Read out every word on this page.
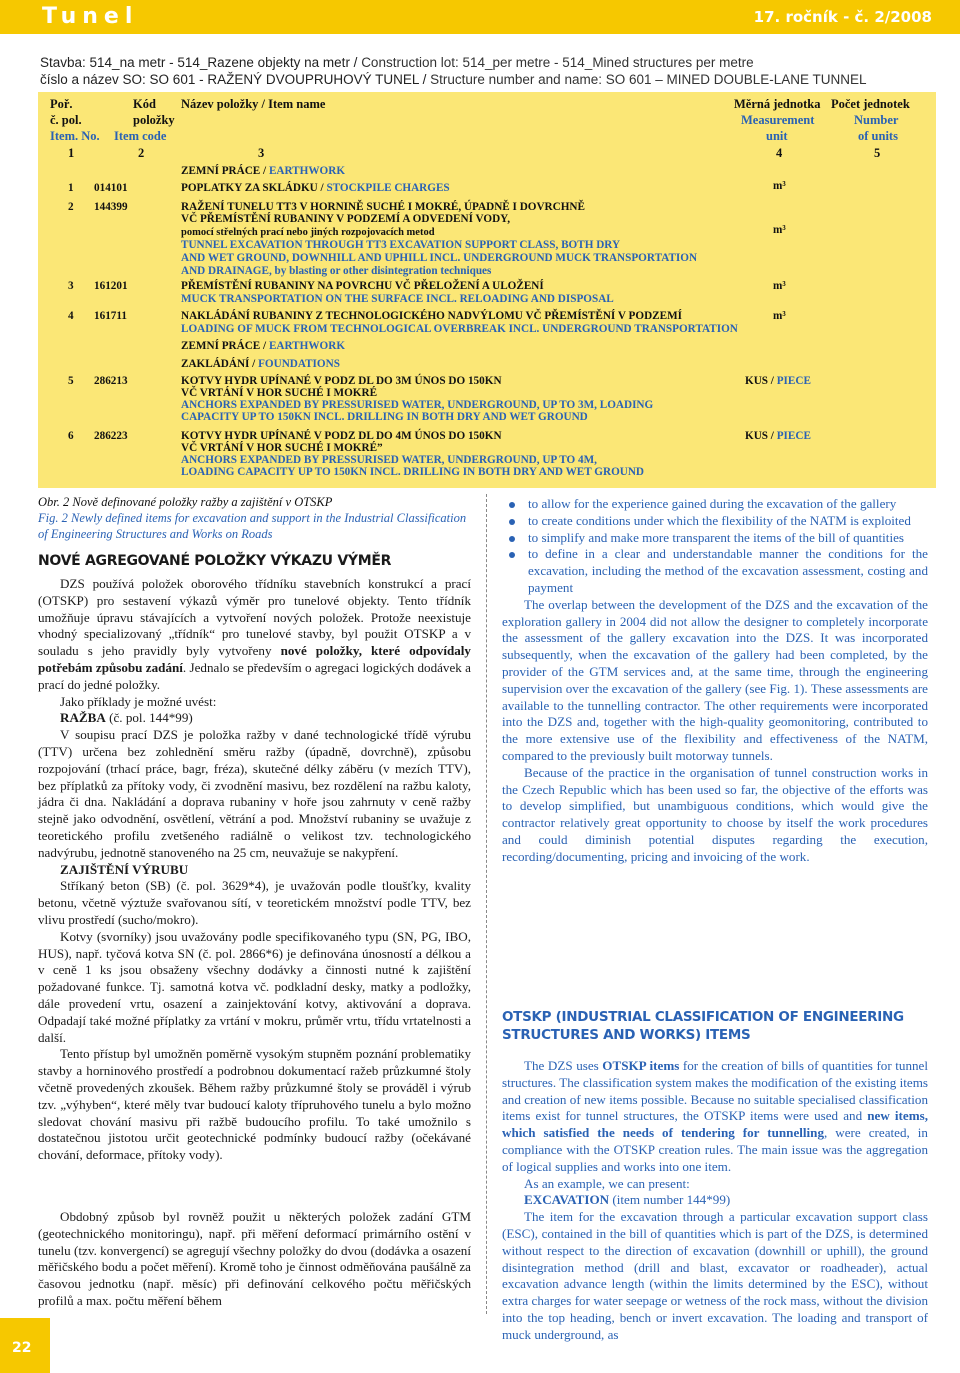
Tunel	17. ročník - č. 2/2008
Stavba: 514_na metr - 514_Razene objekty na metr / Construction lot: 514_per metre - 514_Mined structures per metre
číslo a název SO: SO 601 - RAŽENÝ DVOUPRUHOVÝ TUNEL / Structure number and name: SO 601 – MINED DOUBLE-LANE TUNNEL
Poř.
č. pol.
Item. No.
Kód
položky
Item code
Název položky / Item name	Měrná jednotka
Measurement
unit
Počet jednotek
Number
of units
1	2	3	4	5
ZEMNÍ PRÁCE / EARTHWORK
1 014101	POPLATKY ZA SKLÁDKU / STOCKPILE CHARGES	m³
2 144399	RAŽENÍ TUNELU TT3 V HORNINĚ SUCHÉ I MOKRÉ, ÚPADNĚ I DOVRCHNĚ
VČ PŘEMÍSTĚNÍ RUBANINY V PODZEMÍ A ODVEDENÍ VODY,
pomocí střelných prací nebo jiných rozpojovacích metod	m³
TUNNEL EXCAVATION THROUGH TT3 EXCAVATION SUPPORT CLASS, BOTH DRY
AND WET GROUND, DOWNHILL AND UPHILL INCL. UNDERGROUND MUCK TRANSPORTATION
AND DRAINAGE, by blasting or other disintegration techniques
3 161201	PŘEMÍSTĚNÍ RUBANINY NA POVRCHU VČ PŘELOŽENÍ A ULOŽENÍ	m³
MUCK TRANSPORTATION ON THE SURFACE INCL. RELOADING AND DISPOSAL
4 161711	NAKLÁDÁNÍ RUBANINY Z TECHNOLOGICKÉHO NADVÝLOMU VČ PŘEMÍSTĚNÍ V PODZEMÍ	m³
LOADING OF MUCK FROM TECHNOLOGICAL OVERBREAK INCL. UNDERGROUND TRANSPORTATION
ZEMNÍ PRÁCE / EARTHWORK
ZAKLÁDÁNÍ / FOUNDATIONS
5 286213	KOTVY HYDR UPÍNANÉ V PODZ DL DO 3M ÚNOS DO 150KN	KUS / PIECE
VČ VRTÁNÍ V HOR SUCHÉ I MOKRÉ
ANCHORS EXPANDED BY PRESSURISED WATER, UNDERGROUND, UP TO 3M, LOADING
CAPACITY UP TO 150KN INCL. DRILLING IN BOTH DRY AND WET GROUND
6 286223	KOTVY HYDR UPÍNANÉ V PODZ DL DO 4M ÚNOS DO 150KN	KUS / PIECE
VČ VRTÁNÍ V HOR SUCHÉ I MOKRÉ”
ANCHORS EXPANDED BY PRESSURISED WATER, UNDERGROUND, UP TO 4M,
LOADING CAPACITY UP TO 150KN INCL. DRILLING IN BOTH DRY AND WET GROUND
Obr. 2 Nově definované položky ražby a zajištění v OTSKP
Fig. 2 Newly defined items for excavation and support in the Industrial Classification of Engineering Structures and Works on Roads
NOVÉ AGREGOVANÉ POLOŽKY VÝKAZU VÝMĚR

DZS používá položek oborového třídníku stavebních konstrukcí a prací (OTSKP) pro sestavení výkazů výměr pro tunelové objekty. Tento třídník umožňuje úpravu stávajících a vytvoření nových položek. Protože neexistuje vhodný specializovaný „třídník“ pro tunelové stavby, byl použit OTSKP a v souladu s jeho pravidly byly vytvořeny nové položky, které odpovídaly potřebám způsobu zadání. Jednalo se především o agregaci logických dodávek a prací do jedné položky.

Jako příklady je možné uvést:

RAŽBA (č. pol. 144*99)

V soupisu prací DZS je položka ražby v dané technologické třídě výrubu (TTV) určena bez zohlednění směru ražby (úpadně, dovrchně), způsobu rozpojování (trhací práce, bagr, fréza), skutečné délky záběru (v mezích TTV), bez příplatků za přítoky vody, či zvodnění masivu, bez rozdělení na ražbu kaloty, jádra či dna. Nakládání a doprava rubaniny v hoře jsou zahrnuty v ceně ražby stejně jako odvodnění, osvětlení, větrání a pod. Množství rubaniny se uvažuje z teoretického profilu zvetšeného radiálně o velikost tzv. technologického nadvýrubu, jednotně stanoveného na 25 cm, neuvažuje se nakypření.

ZAJIŠTĚNÍ VÝRUBU

Stříkaný beton (SB) (č. pol. 3629*4), je uvažován podle tloušťky, kvality betonu, včetně výztuže svařovanou sítí, v teoretickém množství podle TTV, bez vlivu prostředí (sucho/mokro).

Kotvy (svorníky) jsou uvažovány podle specifikovaného typu (SN, PG, IBO, HUS), např. tyčová kotva SN (č. pol. 2866*6) je definována únosností a délkou a v ceně 1 ks jsou obsaženy všechny dodávky a činnosti nutné k zajištění požadované funkce. Tj. samotná kotva vč. podkladní desky, matky a podložky, dále provedení vrtu, osazení a zainjektování kotvy, aktivování a doprava. Odpadají také možné příplatky za vrtání v mokru, průměr vrtu, třídu vrtatelnosti a další.

Tento přístup byl umožněn poměrně vysokým stupněm poznání problematiky stavby a horninového prostředí a podrobnou dokumentací ražeb průzkumné štoly včetně provedených zkoušek. Během ražby průzkumné štoly se prováděl i výrub tzv. „výhyben“, které měly tvar budoucí kaloty třípruhového tunelu a bylo možno sledovat chování masivu při ražbě budoucího profilu. To také umožnilo s dostatečnou jistotou určit geotechnické podmínky budoucí ražby (očekávané chování, deformace, přítoky vody).

Obdobný způsob byl rovněž použit u některých položek zadání GTM (geotechnického monitoringu), např. při měření deformací primárního ostění v tunelu (tzv. konvergencí) se agregují všechny položky do dvou (dodávka a osazení měřičského bodu a počet měření). Kromě toho je činnost odměňována paušálně za časovou jednotku (např. měsíc) při definování celkového počtu měřičských profilů a max. počtu měření během

to allow for the experience gained during the excavation of the gallery

to create conditions under which the flexibility of the NATM is exploited

to simplify and make more transparent the items of the bill of quantities

to define in a clear and understandable manner the conditions for the excavation, including the method of the excavation assessment, costing and payment

The overlap between the development of the DZS and the excavation of the exploration gallery in 2004 did not allow the designer to completely incorporate the assessment of the gallery excavation into the DZS. It was incorporated subsequently, when the excavation of the gallery had been completed, by the provider of the GTM services and, at the same time, through the engineering supervision over the excavation of the gallery (see Fig. 1). These assessments are available to the tunnelling contractor. The other requirements were incorporated into the DZS and, together with the high-quality geomonitoring, contributed to the more extensive use of the flexibility and effectiveness of the NATM, compared to the previously built motorway tunnels.

Because of the practice in the organisation of tunnel construction works in the Czech Republic which has been used so far, the objective of the efforts was to develop simplified, but unambiguous conditions, which would give the contractor relatively great opportunity to choose by itself the work procedures and could diminish potential disputes regarding the execution, recording/documenting, pricing and invoicing of the work.

OTSKP (INDUSTRIAL CLASSIFICATION OF ENGINEERING STRUCTURES AND WORKS) ITEMS

The DZS uses OTSKP items for the creation of bills of quantities for tunnel structures. The classification system makes the modification of the existing items and creation of new items possible. Because no suitable specialised classification items exist for tunnel structures, the OTSKP items were used and new items, which satisfied the needs of tendering for tunnelling, were created, in compliance with the OTSKP creation rules. The main issue was the aggregation of logical supplies and works into one item.

As an example, we can present:

EXCAVATION (item number 144*99)

The item for the excavation through a particular excavation support class (ESC), contained in the bill of quantities which is part of the DZS, is determined without respect to the direction of excavation (downhill or uphill), the ground disintegration method (drill and blast, excavator or roadheader), actual excavation advance length (within the limits determined by the ESC), without extra charges for water seepage or wetness of the rock mass, without the division into the top heading, bench or invert excavation. The loading and transport of muck underground, as

22
